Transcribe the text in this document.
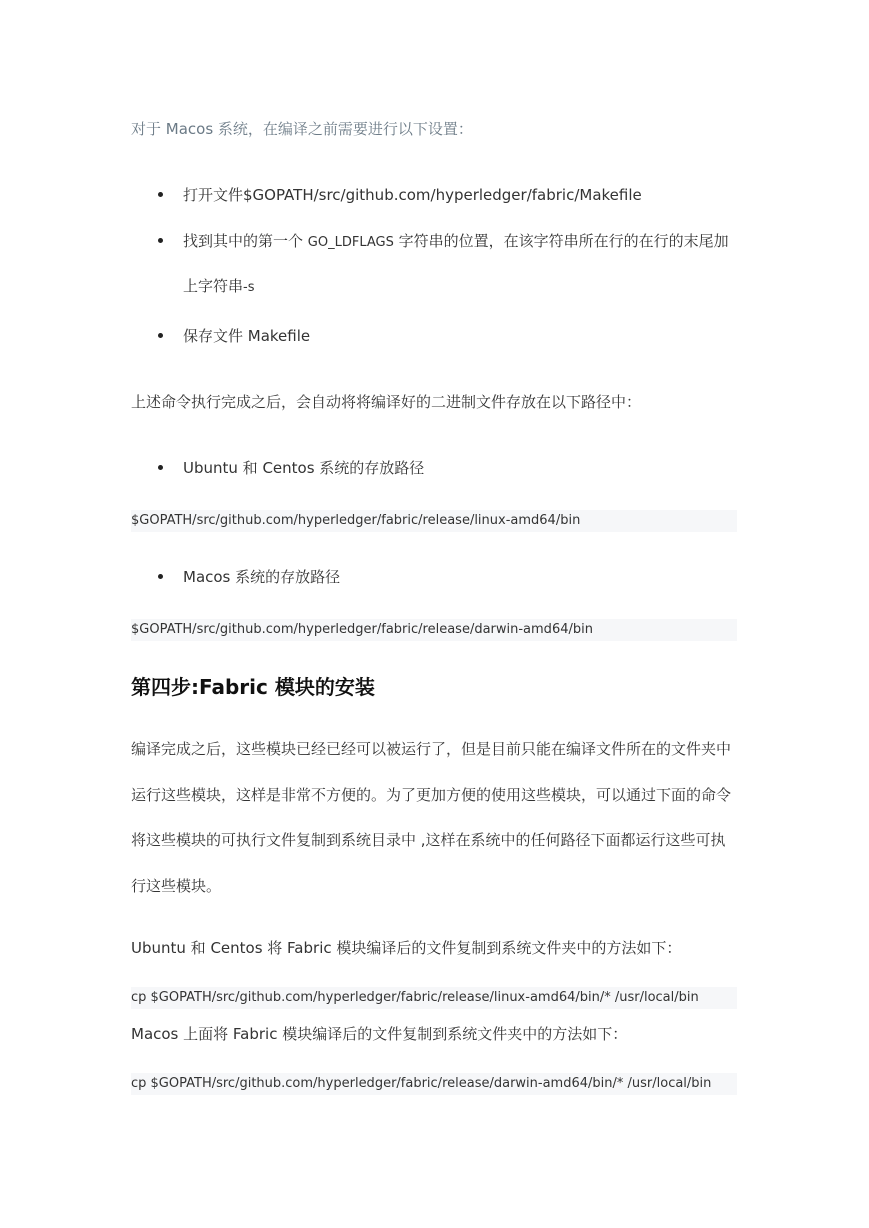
对于 Macos 系统，在编译之前需要进行以下设置：
打开文件$GOPATH/src/github.com/hyperledger/fabric/Makefile
找到其中的第一个 GO_LDFLAGS 字符串的位置，在该字符串所在行的在行的末尾加
上字符串-s
保存文件 Makefile
上述命令执行完成之后，会自动将将编译好的二进制文件存放在以下路径中：
Ubuntu 和 Centos 系统的存放路径
$GOPATH/src/github.com/hyperledger/fabric/release/linux-amd64/bin
Macos 系统的存放路径
$GOPATH/src/github.com/hyperledger/fabric/release/darwin-amd64/bin
第四步:Fabric 模块的安装
编译完成之后，这些模块已经已经可以被运行了，但是目前只能在编译文件所在的文件夹中
运行这些模块，这样是非常不方便的。为了更加方便的使用这些模块，可以通过下面的命令
将这些模块的可执行文件复制到系统目录中 ,这样在系统中的任何路径下面都运行这些可执
行这些模块。
Ubuntu 和 Centos 将 Fabric 模块编译后的文件复制到系统文件夹中的方法如下：
cp $GOPATH/src/github.com/hyperledger/fabric/release/linux-amd64/bin/* /usr/local/bin
Macos 上面将 Fabric 模块编译后的文件复制到系统文件夹中的方法如下：
cp $GOPATH/src/github.com/hyperledger/fabric/release/darwin-amd64/bin/* /usr/local/bin
